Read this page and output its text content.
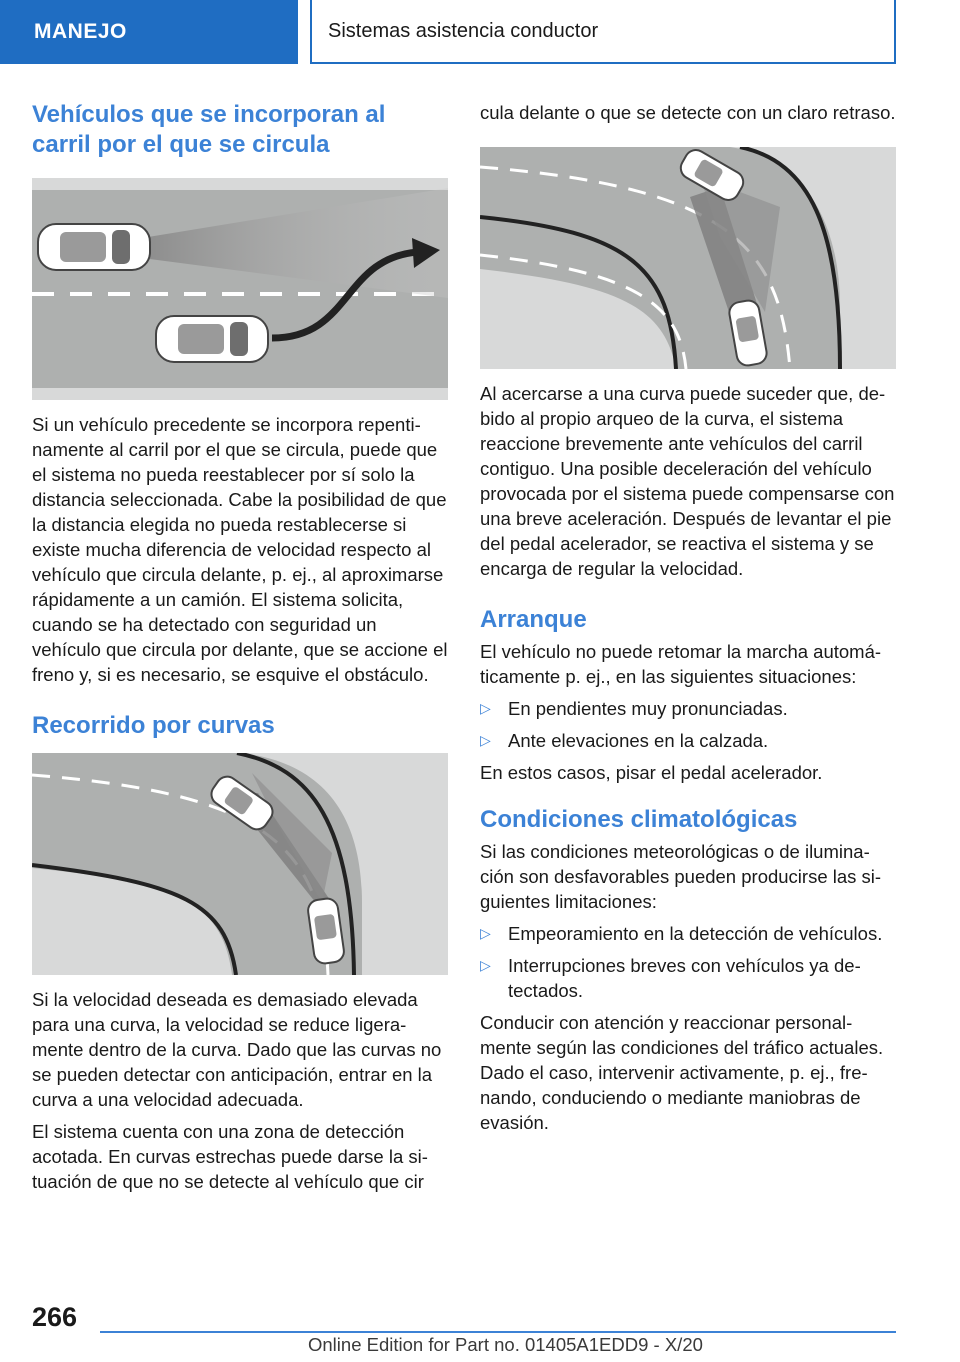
MANEJO	Sistemas asistencia conductor
Vehículos que se incorporan al carril por el que se circula

Si un vehículo precedente se incorpora repentinamente al carril por el que se circula, puede que el sistema no pueda reestablecer por sí solo la distancia seleccionada. Cabe la posibilidad de que la distancia elegida no pueda restablecerse si existe mucha diferencia de velocidad respecto al vehículo que circula delante, p. ej., al aproximarse rápidamente a un camión. El sistema solicita, cuando se ha detectado con seguridad un vehículo que circula por delante, que se accione el freno y, si es necesario, se esquive el obstáculo.

Recorrido por curvas

Si la velocidad deseada es demasiado elevada para una curva, la velocidad se reduce ligeramente dentro de la curva. Dado que las curvas no se pueden detectar con anticipación, entrar en la curva a una velocidad adecuada.

El sistema cuenta con una zona de detección acotada. En curvas estrechas puede darse la situación de que no se detecte al vehículo que cir

cula delante o que se detecte con un claro retraso.

Al acercarse a una curva puede suceder que, debido al propio arqueo de la curva, el sistema reaccione brevemente ante vehículos del carril contiguo. Una posible deceleración del vehículo provocada por el sistema puede compensarse con una breve aceleración. Después de levantar el pie del pedal acelerador, se reactiva el sistema y se encarga de regular la velocidad.

Arranque

El vehículo no puede retomar la marcha automáticamente p. ej., en las siguientes situaciones:

▷ En pendientes muy pronunciadas.
▷ Ante elevaciones en la calzada.

En estos casos, pisar el pedal acelerador.

Condiciones climatológicas

Si las condiciones meteorológicas o de iluminación son desfavorables pueden producirse las siguientes limitaciones:

▷ Empeoramiento en la detección de vehículos.
▷ Interrupciones breves con vehículos ya detectados.

Conducir con atención y reaccionar personalmente según las condiciones del tráfico actuales. Dado el caso, intervenir activamente, p. ej., frenando, conduciendo o mediante maniobras de evasión.

266
Online Edition for Part no. 01405A1EDD9 - X/20
